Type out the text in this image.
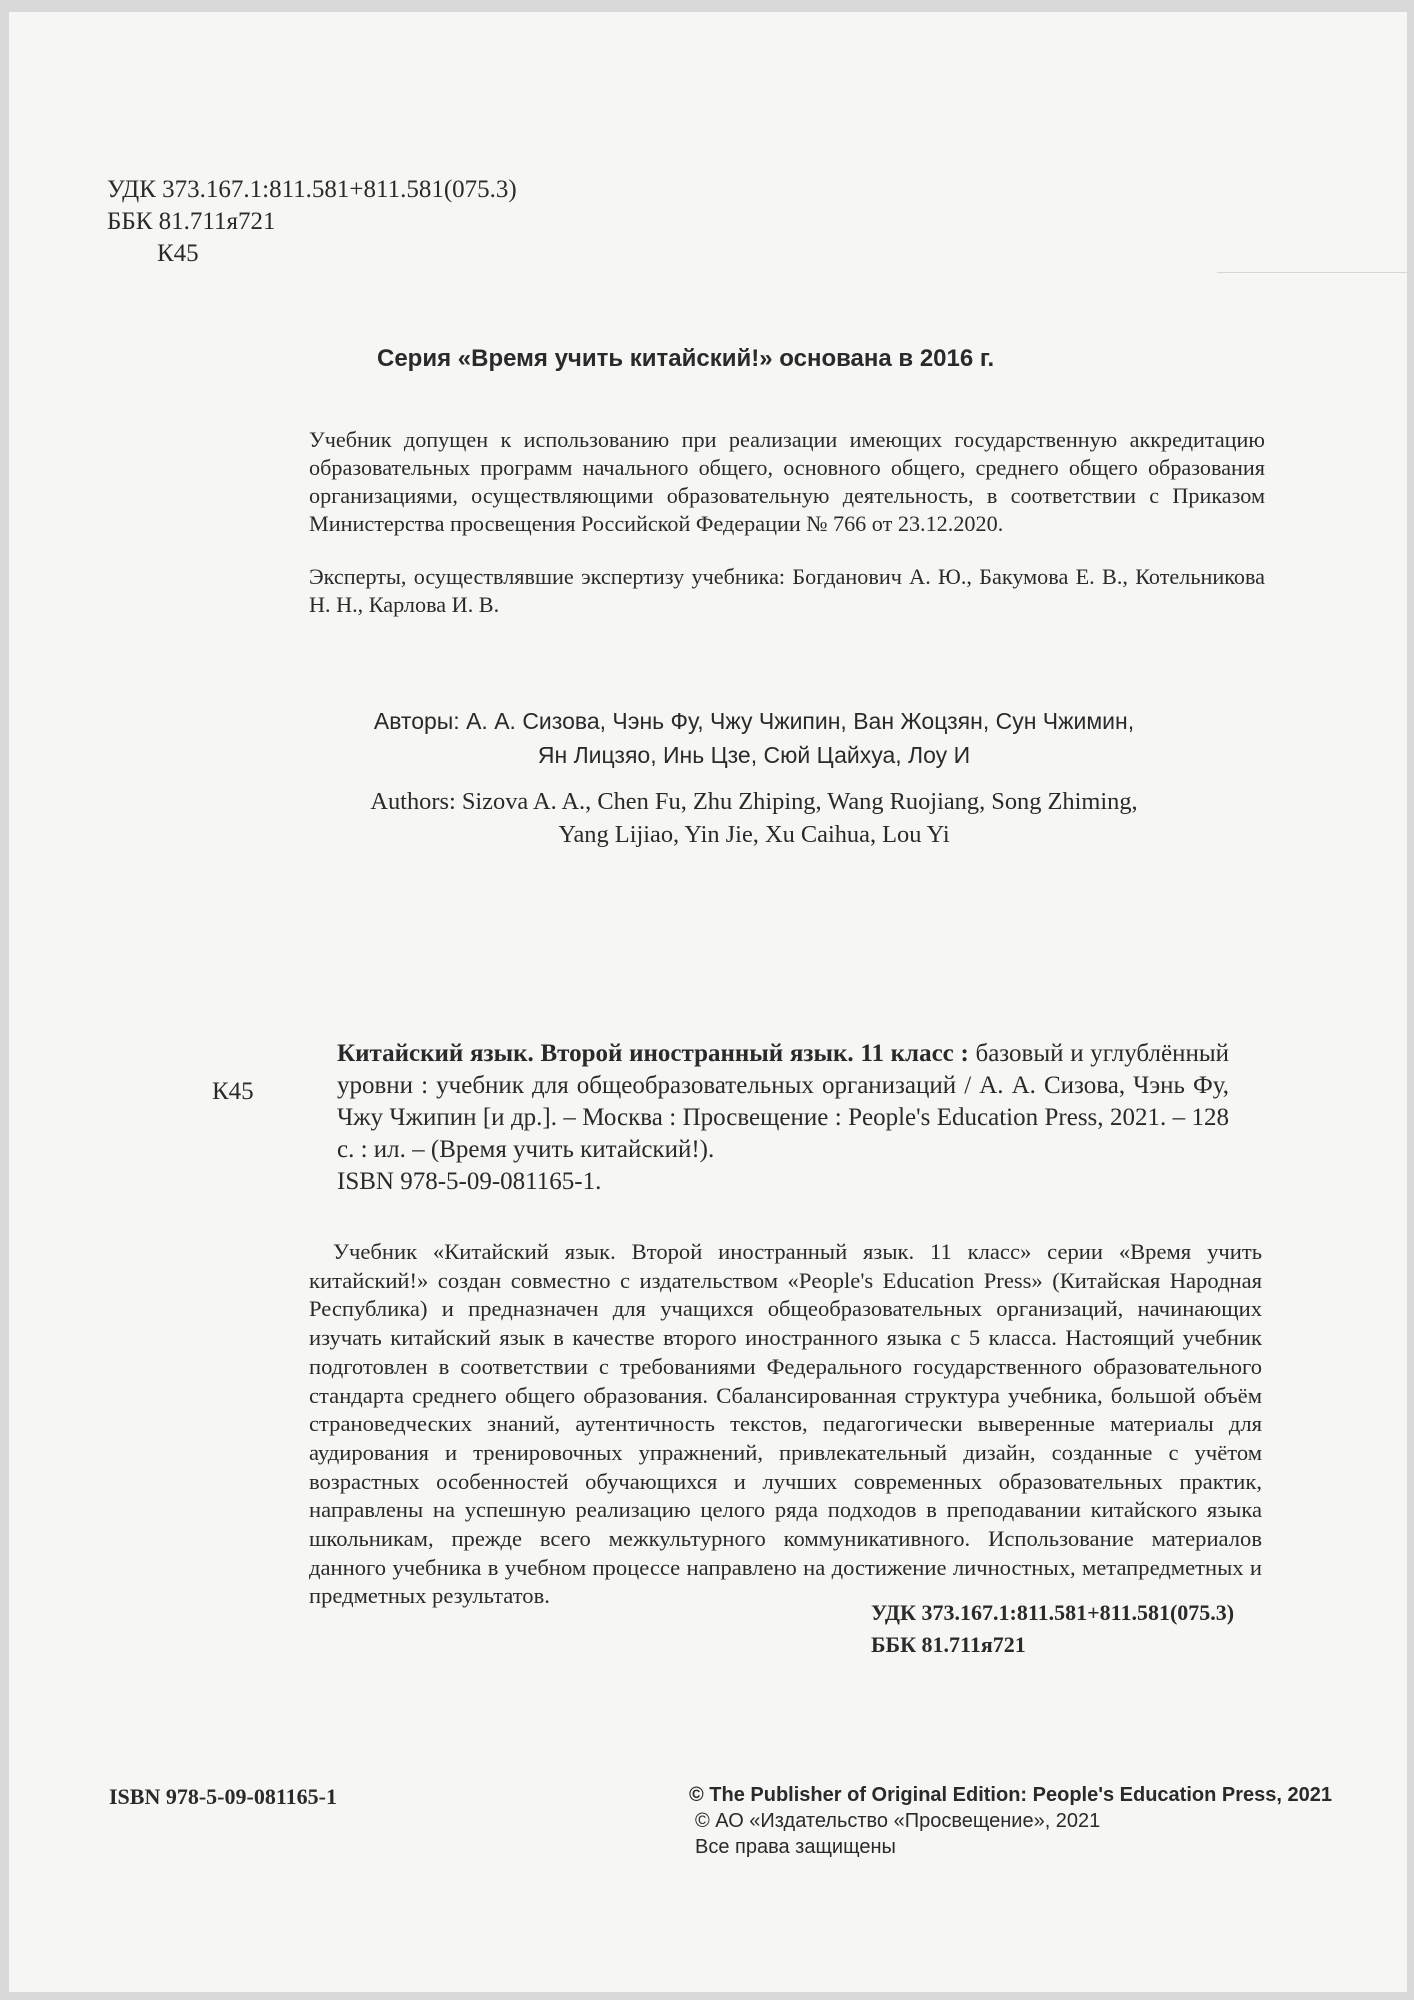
УДК 373.167.1:811.581+811.581(075.3)
ББК 81.711я721
К45
Серия «Время учить китайский!» основана в 2016 г.

Учебник допущен к использованию при реализации имеющих государственную аккредитацию образовательных программ начального общего, основного общего, среднего общего образования организациями, осуществляющими образовательную деятельность, в соответствии с Приказом Министерства просвещения Российской Федерации № 766 от 23.12.2020.

Эксперты, осуществлявшие экспертизу учебника: Богданович А. Ю., Бакумова Е. В., Котельникова Н. Н., Карлова И. В.

Авторы: А. А. Сизова, Чэнь Фу, Чжу Чжипин, Ван Жоцзян, Сун Чжимин,
Ян Лицзяо, Инь Цзе, Сюй Цайхуа, Лоу И
Authors: Sizova A. A., Chen Fu, Zhu Zhiping, Wang Ruojiang, Song Zhiming,
Yang Lijiao, Yin Jie, Xu Caihua, Lou Yi
К45
Китайский язык. Второй иностранный язык. 11 класс : базовый и углублённый уровни : учебник для общеобразовательных организаций / А. А. Сизова, Чэнь Фу, Чжу Чжипин [и др.]. – Москва : Просвещение : People's Education Press, 2021. – 128 с. : ил. – (Время учить китайский!).
ISBN 978-5-09-081165-1.

Учебник «Китайский язык. Второй иностранный язык. 11 класс» серии «Время учить китайский!» создан совместно с издательством «People's Education Press» (Китайская Народная Республика) и предназначен для учащихся общеобразовательных организаций, начинающих изучать китайский язык в качестве второго иностранного языка с 5 класса. Настоящий учебник подготовлен в соответствии с требованиями Федерального государственного образовательного стандарта среднего общего образования. Сбалансированная структура учебника, большой объём страноведческих знаний, аутентичность текстов, педагогически выверенные материалы для аудирования и тренировочных упражнений, привлекательный дизайн, созданные с учётом возрастных особенностей обучающихся и лучших современных образовательных практик, направлены на успешную реализацию целого ряда подходов в преподавании китайского языка школьникам, прежде всего межкультурного коммуникативного. Использование материалов данного учебника в учебном процессе направлено на достижение личностных, метапредметных и предметных результатов.

УДК 373.167.1:811.581+811.581(075.3)
ББК 81.711я721
ISBN 978-5-09-081165-1	© The Publisher of Original Edition: People's Education Press, 2021
© АО «Издательство «Просвещение», 2021
Все права защищены
